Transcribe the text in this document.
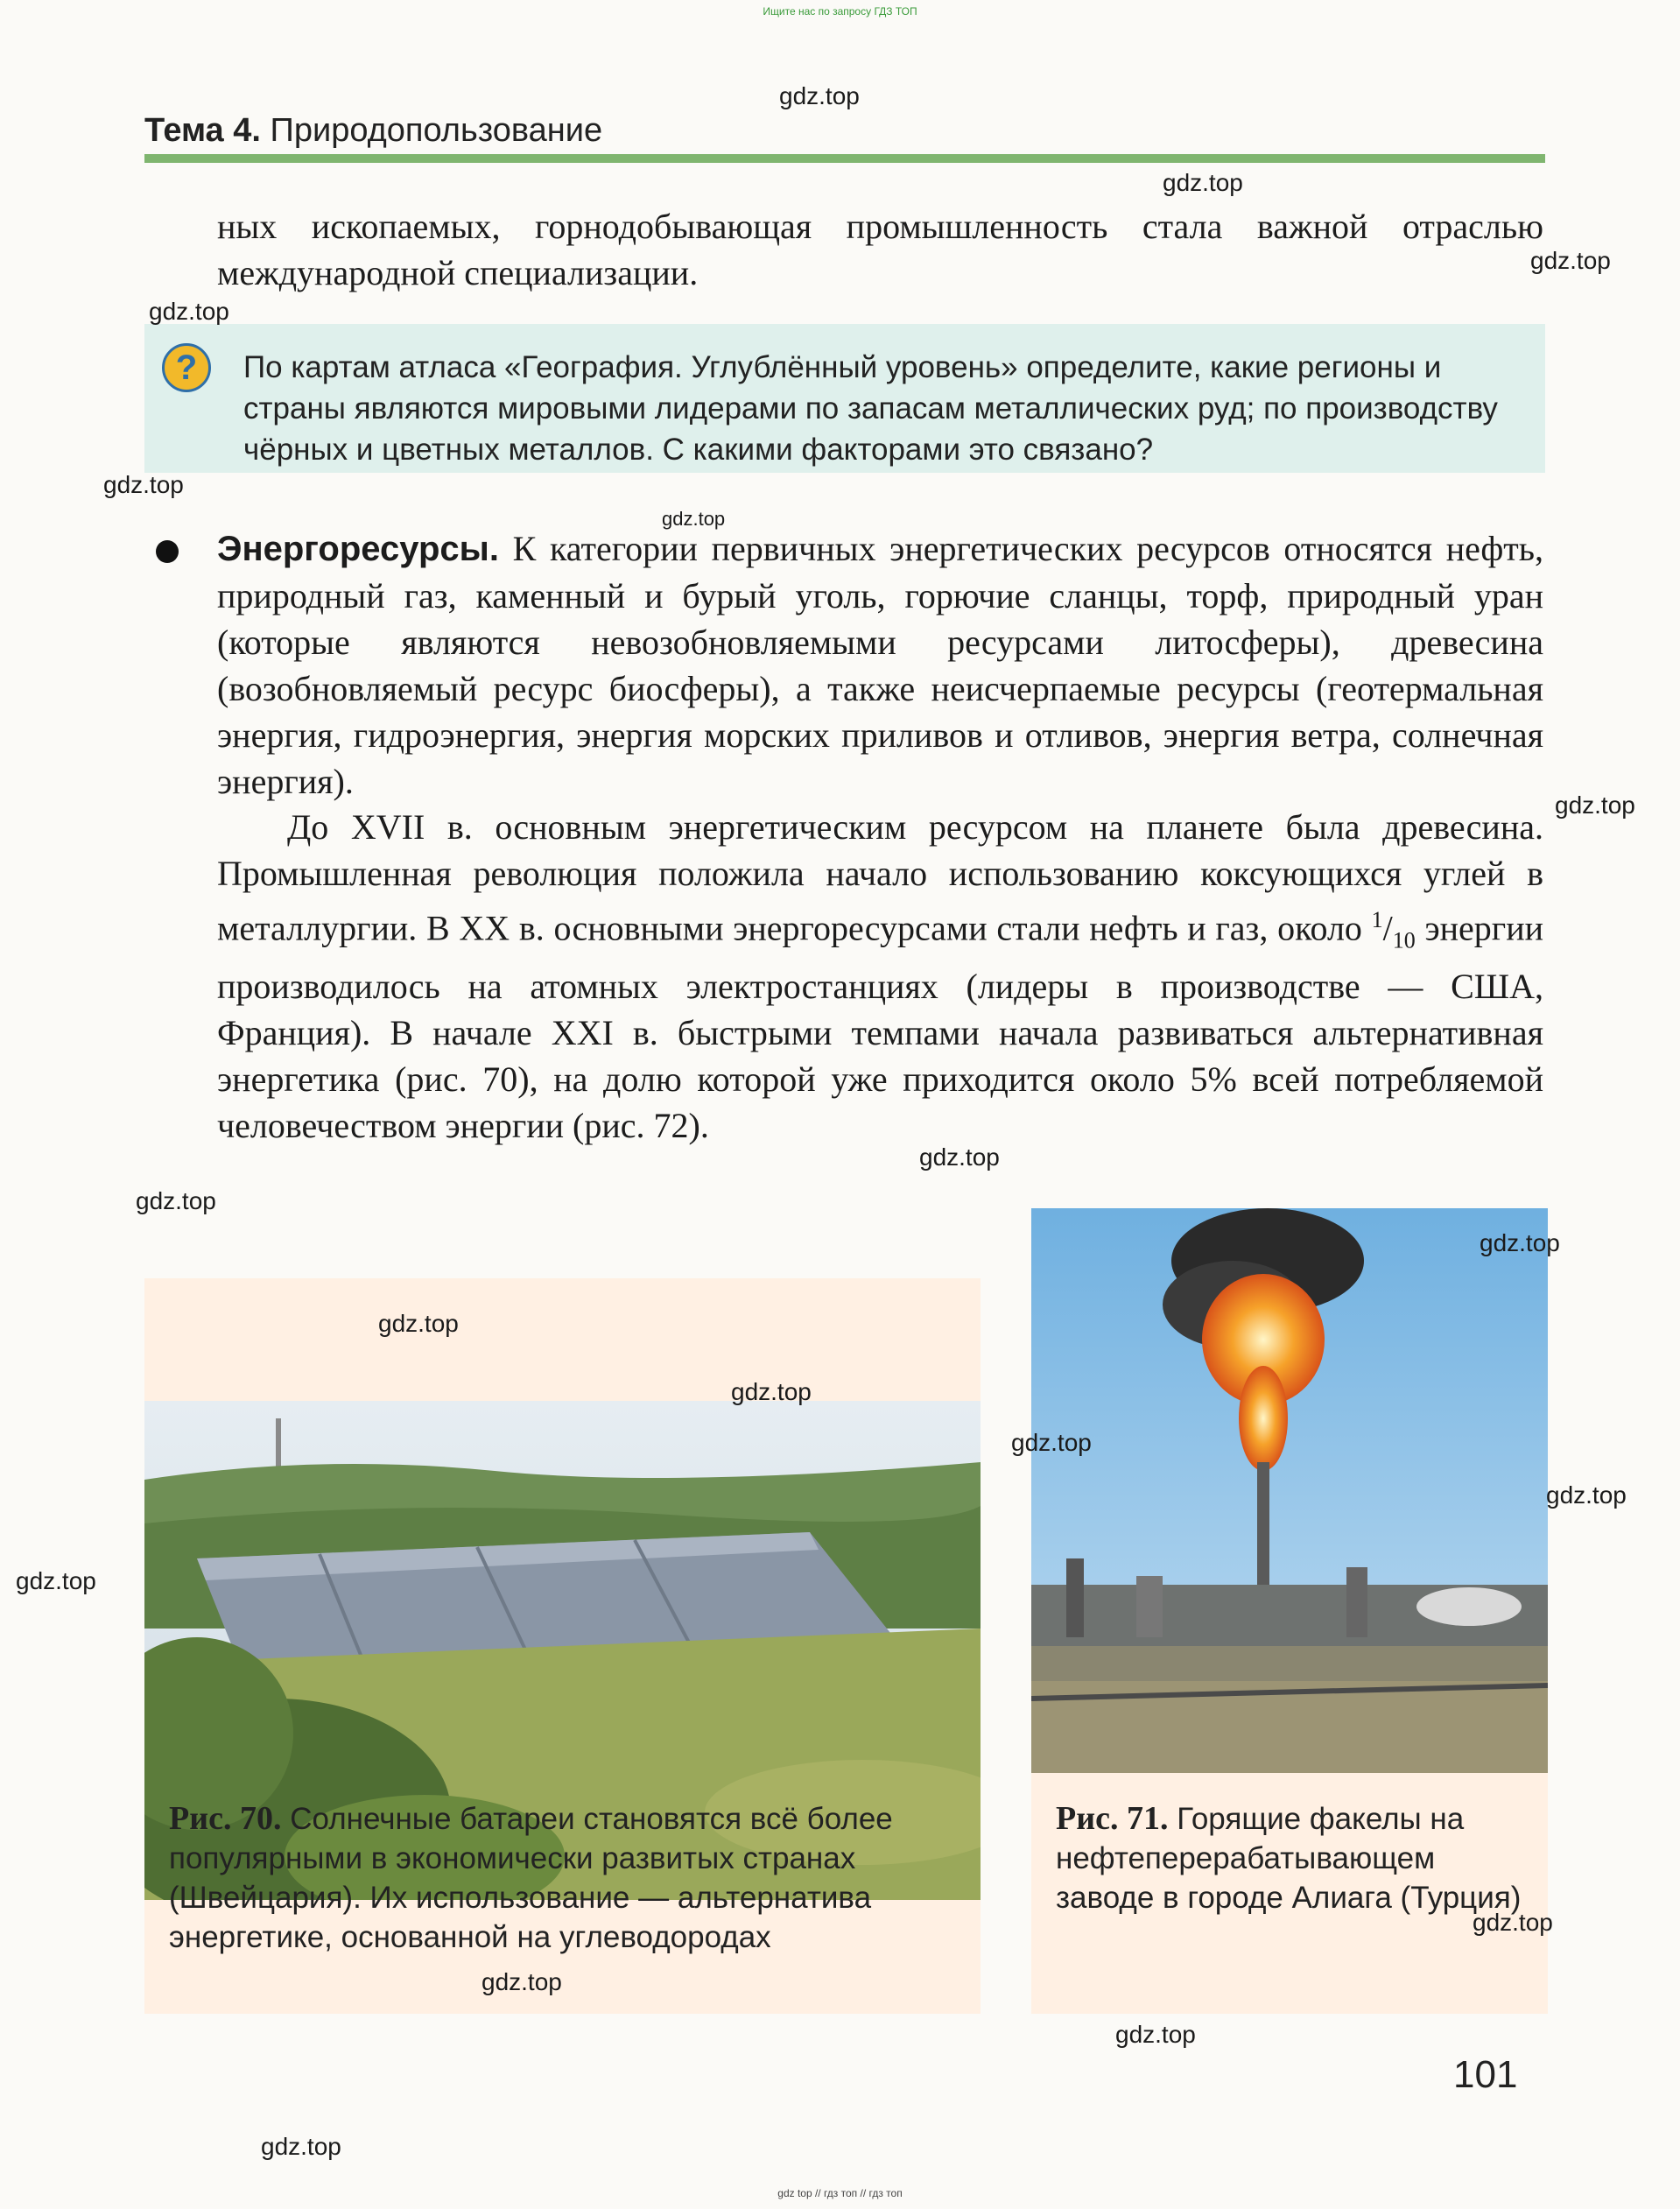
Ищите нас по запросу ГДЗ ТОП
Тема 4. Природопользование

ных ископаемых, горнодобывающая промышленность стала важной отраслью международной специализации.

?	По картам атласа «География. Углублённый уровень» определите, какие регионы и страны являются мировыми лидерами по запасам металлических руд; по производству чёрных и цветных металлов. С какими факторами это связано?

Энергоресурсы. К категории первичных энергетических ресурсов относятся нефть, природный газ, каменный и бурый уголь, горючие сланцы, торф, природный уран (которые являются невозобновляемыми ресурсами литосферы), древесина (возобновляемый ресурс биосферы), а также неисчерпаемые ресурсы (геотермальная энергия, гидроэнергия, энергия морских приливов и отливов, энергия ветра, солнечная энергия).

До XVII в. основным энергетическим ресурсом на планете была древесина. Промышленная революция положила начало использованию коксующихся углей в металлургии. В XX в. основными энергоресурсами стали нефть и газ, около $^1/_{10}$ энергии производилось на атомных электростанциях (лидеры в производстве — США, Франция). В начале XXI в. быстрыми темпами начала развиваться альтернативная энергетика (рис. 70), на долю которой уже приходится около 5% всей потребляемой человечеством энергии (рис. 72).

Рис. 70. Солнечные батареи становятся всё более популярными в экономически развитых странах (Швейцария). Их использование — альтернатива энергетике, основанной на углеводородах

Рис. 71. Горящие факелы на нефтеперерабатывающем заводе в городе Алиага (Турция)

101
gdz.top
gdz.top
gdz.top
gdz.top
gdz.top
gdz.top
gdz.top
gdz.top
gdz.top
gdz.top
gdz.top
gdz.top
gdz.top
gdz.top
gdz.top
gdz.top
gdz.top
gdz.top
gdz.top
gdz top // гдз топ // гдз топ
